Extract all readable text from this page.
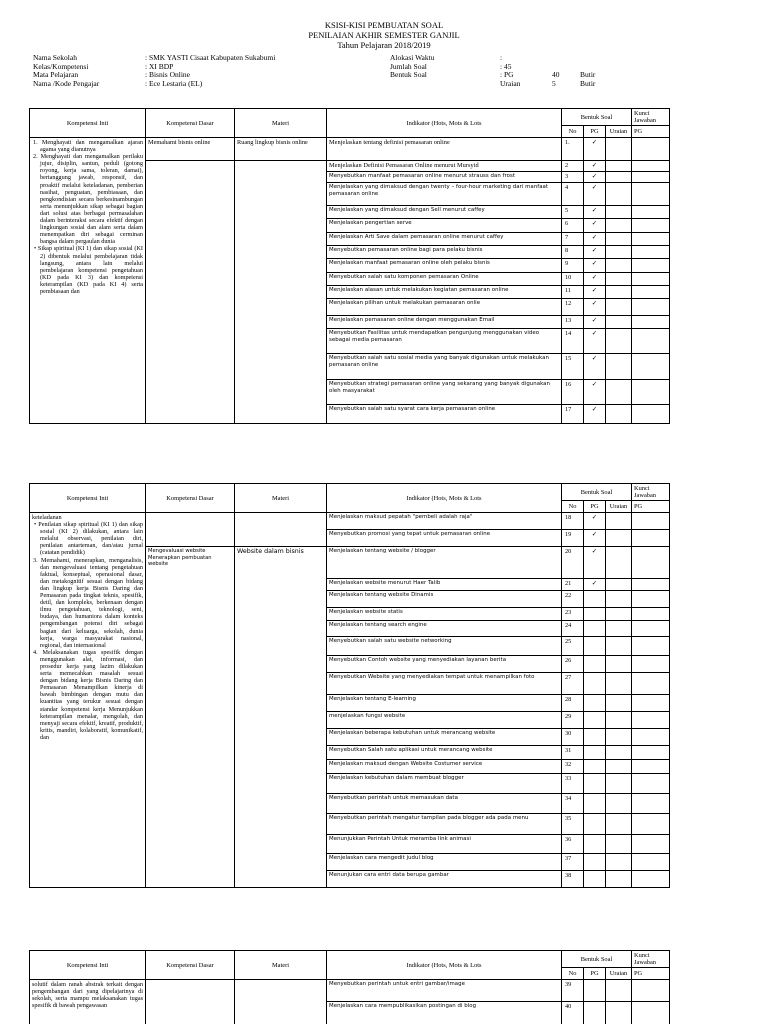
KSISI-KISI PEMBUATAN SOAL
PENILAIAN AKHIR SEMESTER GANJIL
Tahun Pelajaran 2018/2019
Nama Sekolah	: SMK YASTI Cisaat Kabupaten Sukabumi
Kelas/Kompetensi	: XI BDP
Mata Pelajaran	: Bisnis Online
Nama /Kode Pengajar	: Ece Lestaria (EL)
Alokasi Waktu	:
Jumlah Soal	: 45
Bentuk Soal	: PG	40	Butir
Uraian	5	Butir
Kompetensi Inti	Kompetensi Dasar	Materi	Indikator (Hots, Mots & Lots	Bentuk Soal			Kunci Jawaban
				No	PG	Uraian	PG

1. Menghayati dan mengamalkan ajaran agama yang dianutnya
2. Menghayati dan mengamalkan perilaku jujur, disiplin, santun, peduli (gotong royong, kerja sama, toleran, damai), bertanggung jawab, responsif, dan proaktif melalui keteladanan, pemberian nasihat, penguatan, pembiasaan, dan pengkondisian secara berkesinambungan serta menunjukkan sikap sebagai bagian dari solusi atas berbagai permasalahan dalam berinteraksi secara efektif dengan lingkungan sosial dan alam serta dalam menempatkan diri sebagai cerminan bangsa dalam pergaulan dunia
• Sikap spiritual (KI 1) dan sikap sosial (KI 2) dibentuk melalui pembelajaran tidak langsung, antara lain melalui pembelajaran kompetensi pengetahuan (KD pada KI 3) dan kompetensi keterampilan (KD pada KI 4) serta pembiasaan dan	Memahami bisnis online	Ruang lingkup bisnis online	Menjelaskan tentang definisi pemasaran online	1.	✓		
			Menjelaskan Definisi Pemasaran Online menurut Mursyid	2	✓		
			Menyebutkan manfaat pemasaran online menurut strauss dan frost	3	✓		
			Menjelaskan yang dimaksud dengan twenty – four-hour marketing dari manfaat pemasaran online	4	✓		
			Menjelaskan yang dimaksud dengan Sell menurut caffey	5	✓		
			Menjelaskan pengertian serve	6	✓		
			Menjelaskan Arti Save dalam pemasaran online menurut caffey	7	✓		
			Menyebutkan pemasaran online bagi para pelaku bisnis	8	✓		
			Menjelaskan manfaat pemasaran online oleh pelaku bisnis	9	✓		
			Menyebutkan salah satu komponen pemasaran Online	10	✓		
			Menjelaskan alasan untuk melakukan kegiatan pemasaran online	11	✓		
			Menjelaskan pilihan untuk melakukan pemasaran onlie	12	✓		
			Menjelaskan pemasaran online dengan menggunakan Email	13	✓		
			Menyebutkan Fasilitas untuk mendapatkan pengunjung menggunakan video sebagai media pemasaran	14	✓		
			Menyebutkan salah satu sosial media yang banyak digunakan untuk melakukan pemasaran online	15	✓		
			Menyebutkan strategi pemasaran online yang sekarang yang banyak digunakan oleh masyarakat	16	✓		
			Menyebutkan salah satu syarat cara kerja pemasaran online	17	✓		
Kompetensi Inti	Kompetensi Dasar	Materi	Indikator (Hots, Mots & Lots	Bentuk Soal			Kunci Jawaban
				No	PG	Uraian	PG

keteladanan
• Penilaian sikap spiritual (KI 1) dan sikap sosial (KI 2) dilakukan, antara lain melalui observasi, penilaian diri, penilaian antarteman, dan/atau jurnal (catatan pendidik)
3. Memahami, menerapkan, menganalisis, dan mengevaluasi tentang pengetahuan faktual, konseptual, operasional dasar, dan metakognitif sesuai dengan bidang dan lingkup kerja Bisnis Daring dan Pemasaran pada tingkat teknis, spesifik, detil, dan kompleks, berkenaan dengan ilmu pengetahuan, teknologi, seni, budaya, dan humaniora dalam konteks pengembangan potensi diri sebagai bagian dari keluarga, sekolah, dunia kerja, warga masyarakat nasional, regional, dan internasional
4. Melaksanakan tugas spesifik dengan menggunakan alat, informasi, dan prosedur kerja yang lazim dilakukan serta memecahkan masalah sesuai dengan bidang kerja Bisnis Daring dan Pemasaran Menampilkan kinerja di bawah bimbingan dengan mutu dan kuantitas yang terukur sesuai dengan standar kompetensi kerja Menunjukkan keterampilan menalar, mengolah, dan menyaji secara efektif, kreatif, produktif, kritis, mandiri, kolaboratif, komunikatif, dan			Menjelaskan maksud pepatah "pembeli adalah raja"	18	✓		
			Menyebutkan promosi yang tepat untuk pemasaran online	19	✓		
	Mengevaluasi website Menerapkan pembuatan website	Website dalam bisnis	Menjelaskan tentang website / blogger	20	✓		
			Menjelaskan website menurut Haer Talib	21	✓		
			Menjelaskan tentang website Dinamis	22			
			Menjelaskan website statis	23			
			Menjelaskan tentang search engine	24			
			Menyebutkan salah satu website networking	25			
			Menyebutkan Contoh website yang menyediakan layanan berita	26			
			Menyebutkan Website yang menyediakan tempat untuk menampilkan foto	27			
			Menjelaskan tentang E-learning	28			
			menjelaskan fungsi website	29			
			Menjelaskan beberapa kebutuhan untuk merancang website	30			
			Menyebutkan Salah satu aplikasi untuk merancang website	31			
			Menjelaskan maksud dengan Website Costumer service	32			
			Menjelaskan kebutuhan dalam membuat blogger	33			
			Menyebutkan perintah untuk memasukan data	34			
			Menyebutkan perintah mengatur tampilan pada blogger ada pada menu	35			
			Menunjukkan Perintah Untuk meramba link animasi	36			
			Menjelaskan cara mengedit judul blog	37			
			Menunjukan cara entri data berupa gambar	38			
Kompetensi Inti	Kompetensi Dasar	Materi	Indikator (Hots, Mots & Lots	Bentuk Soal			Kunci Jawaban
				No	PG	Uraian	PG

solutif dalam ranah abstrak terkait dengan pengembangan dari yang dipelajarinya di sekolah, serta mampu melaksanakan tugas spesifik di bawah pengawasan			Menyebutkan perintah untuk entri gambar/image	39			
			Menjelaskan cara mempublikasikan postingan di blog	40			
